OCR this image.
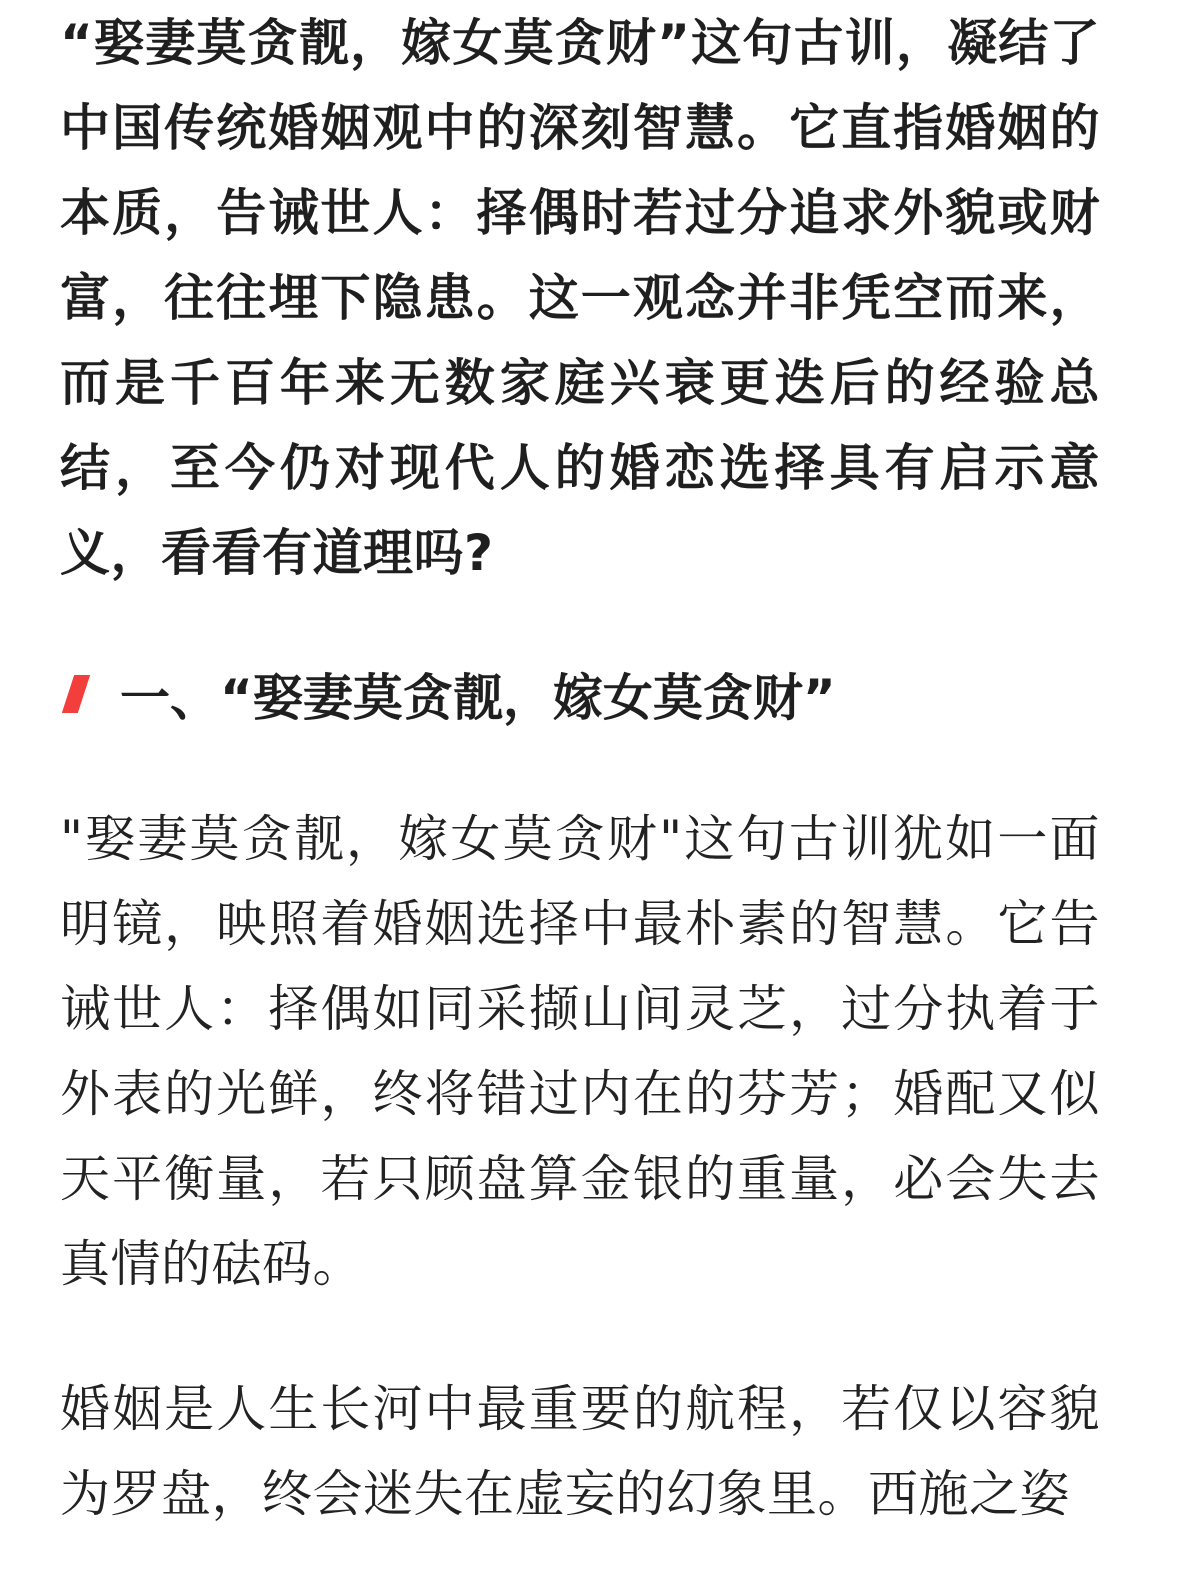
“娶妻莫贪靓，嫁女莫贪财”这句古训，凝结了中国传统婚姻观中的深刻智慧。它直指婚姻的本质，告诫世人：择偶时若过分追求外貌或财富，往往埋下隐患。这一观念并非凭空而来，而是千百年来无数家庭兴衰更迭后的经验总结，至今仍对现代人的婚恋选择具有启示意义，看看有道理吗?

一、“娶妻莫贪靓，嫁女莫贪财”

"娶妻莫贪靓，嫁女莫贪财"这句古训犹如一面明镜，映照着婚姻选择中最朴素的智慧。它告诫世人：择偶如同采撷山间灵芝，过分执着于外表的光鲜，终将错过内在的芬芳；婚配又似天平衡量，若只顾盘算金银的重量，必会失去真情的砝码。

婚姻是人生长河中最重要的航程，若仅以容貌为罗盘，终会迷失在虚妄的幻象里。西施之姿
